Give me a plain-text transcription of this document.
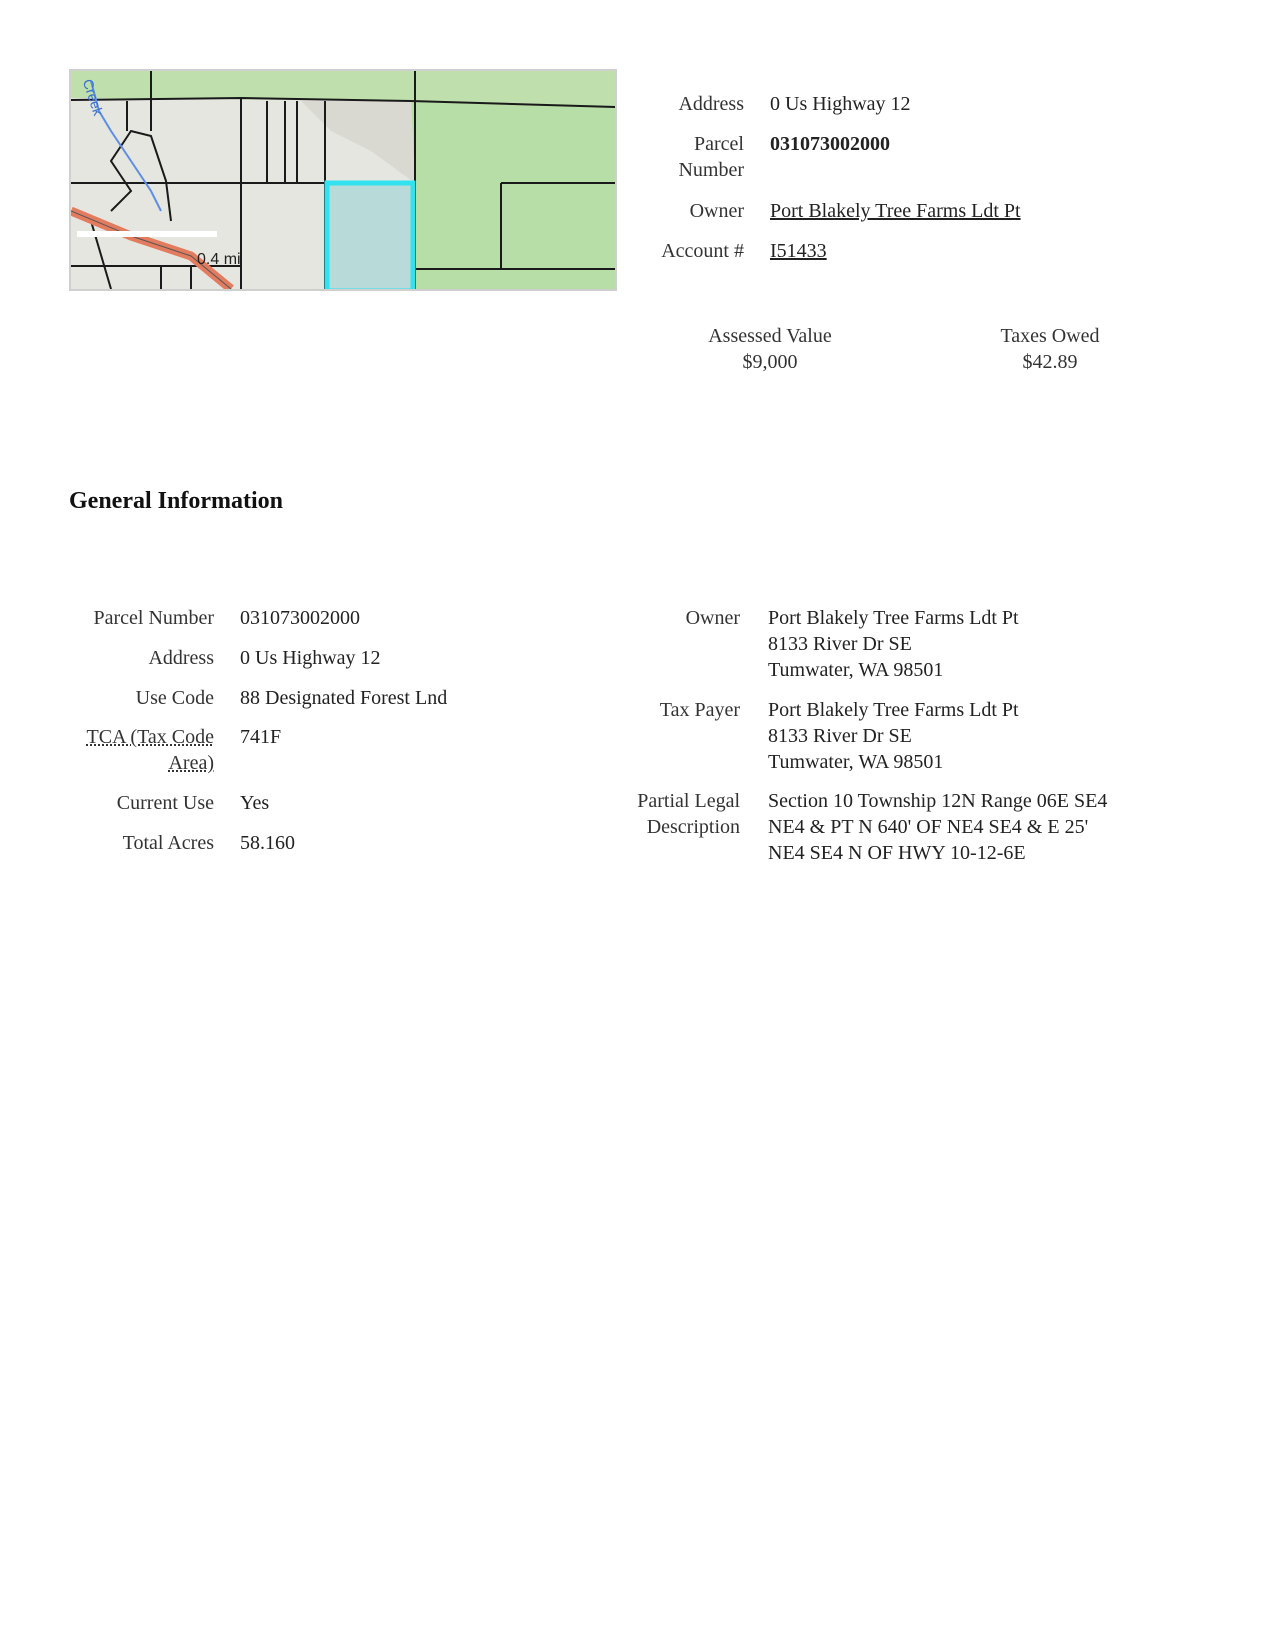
Creek
0.4 mi
Address 0 Us Highway 12
Parcel
Number
031073002000
Owner Port Blakely Tree Farms Ldt Pt
Account # I51433
Assessed Value
$9,000
Taxes Owed
$42.89
General Information
Parcel Number 031073002000
Address 0 Us Highway 12
Use Code 88 Designated Forest Lnd
TCA (Tax Code
Area)
741F
Current Use Yes
Total Acres 58.160
Owner Port Blakely Tree Farms Ldt Pt
8133 River Dr SE
Tumwater, WA 98501
Tax Payer Port Blakely Tree Farms Ldt Pt
8133 River Dr SE
Tumwater, WA 98501
Partial Legal
Description
Section 10 Township 12N Range 06E SE4
NE4 & PT N 640' OF NE4 SE4 & E 25'
NE4 SE4 N OF HWY 10-12-6E
